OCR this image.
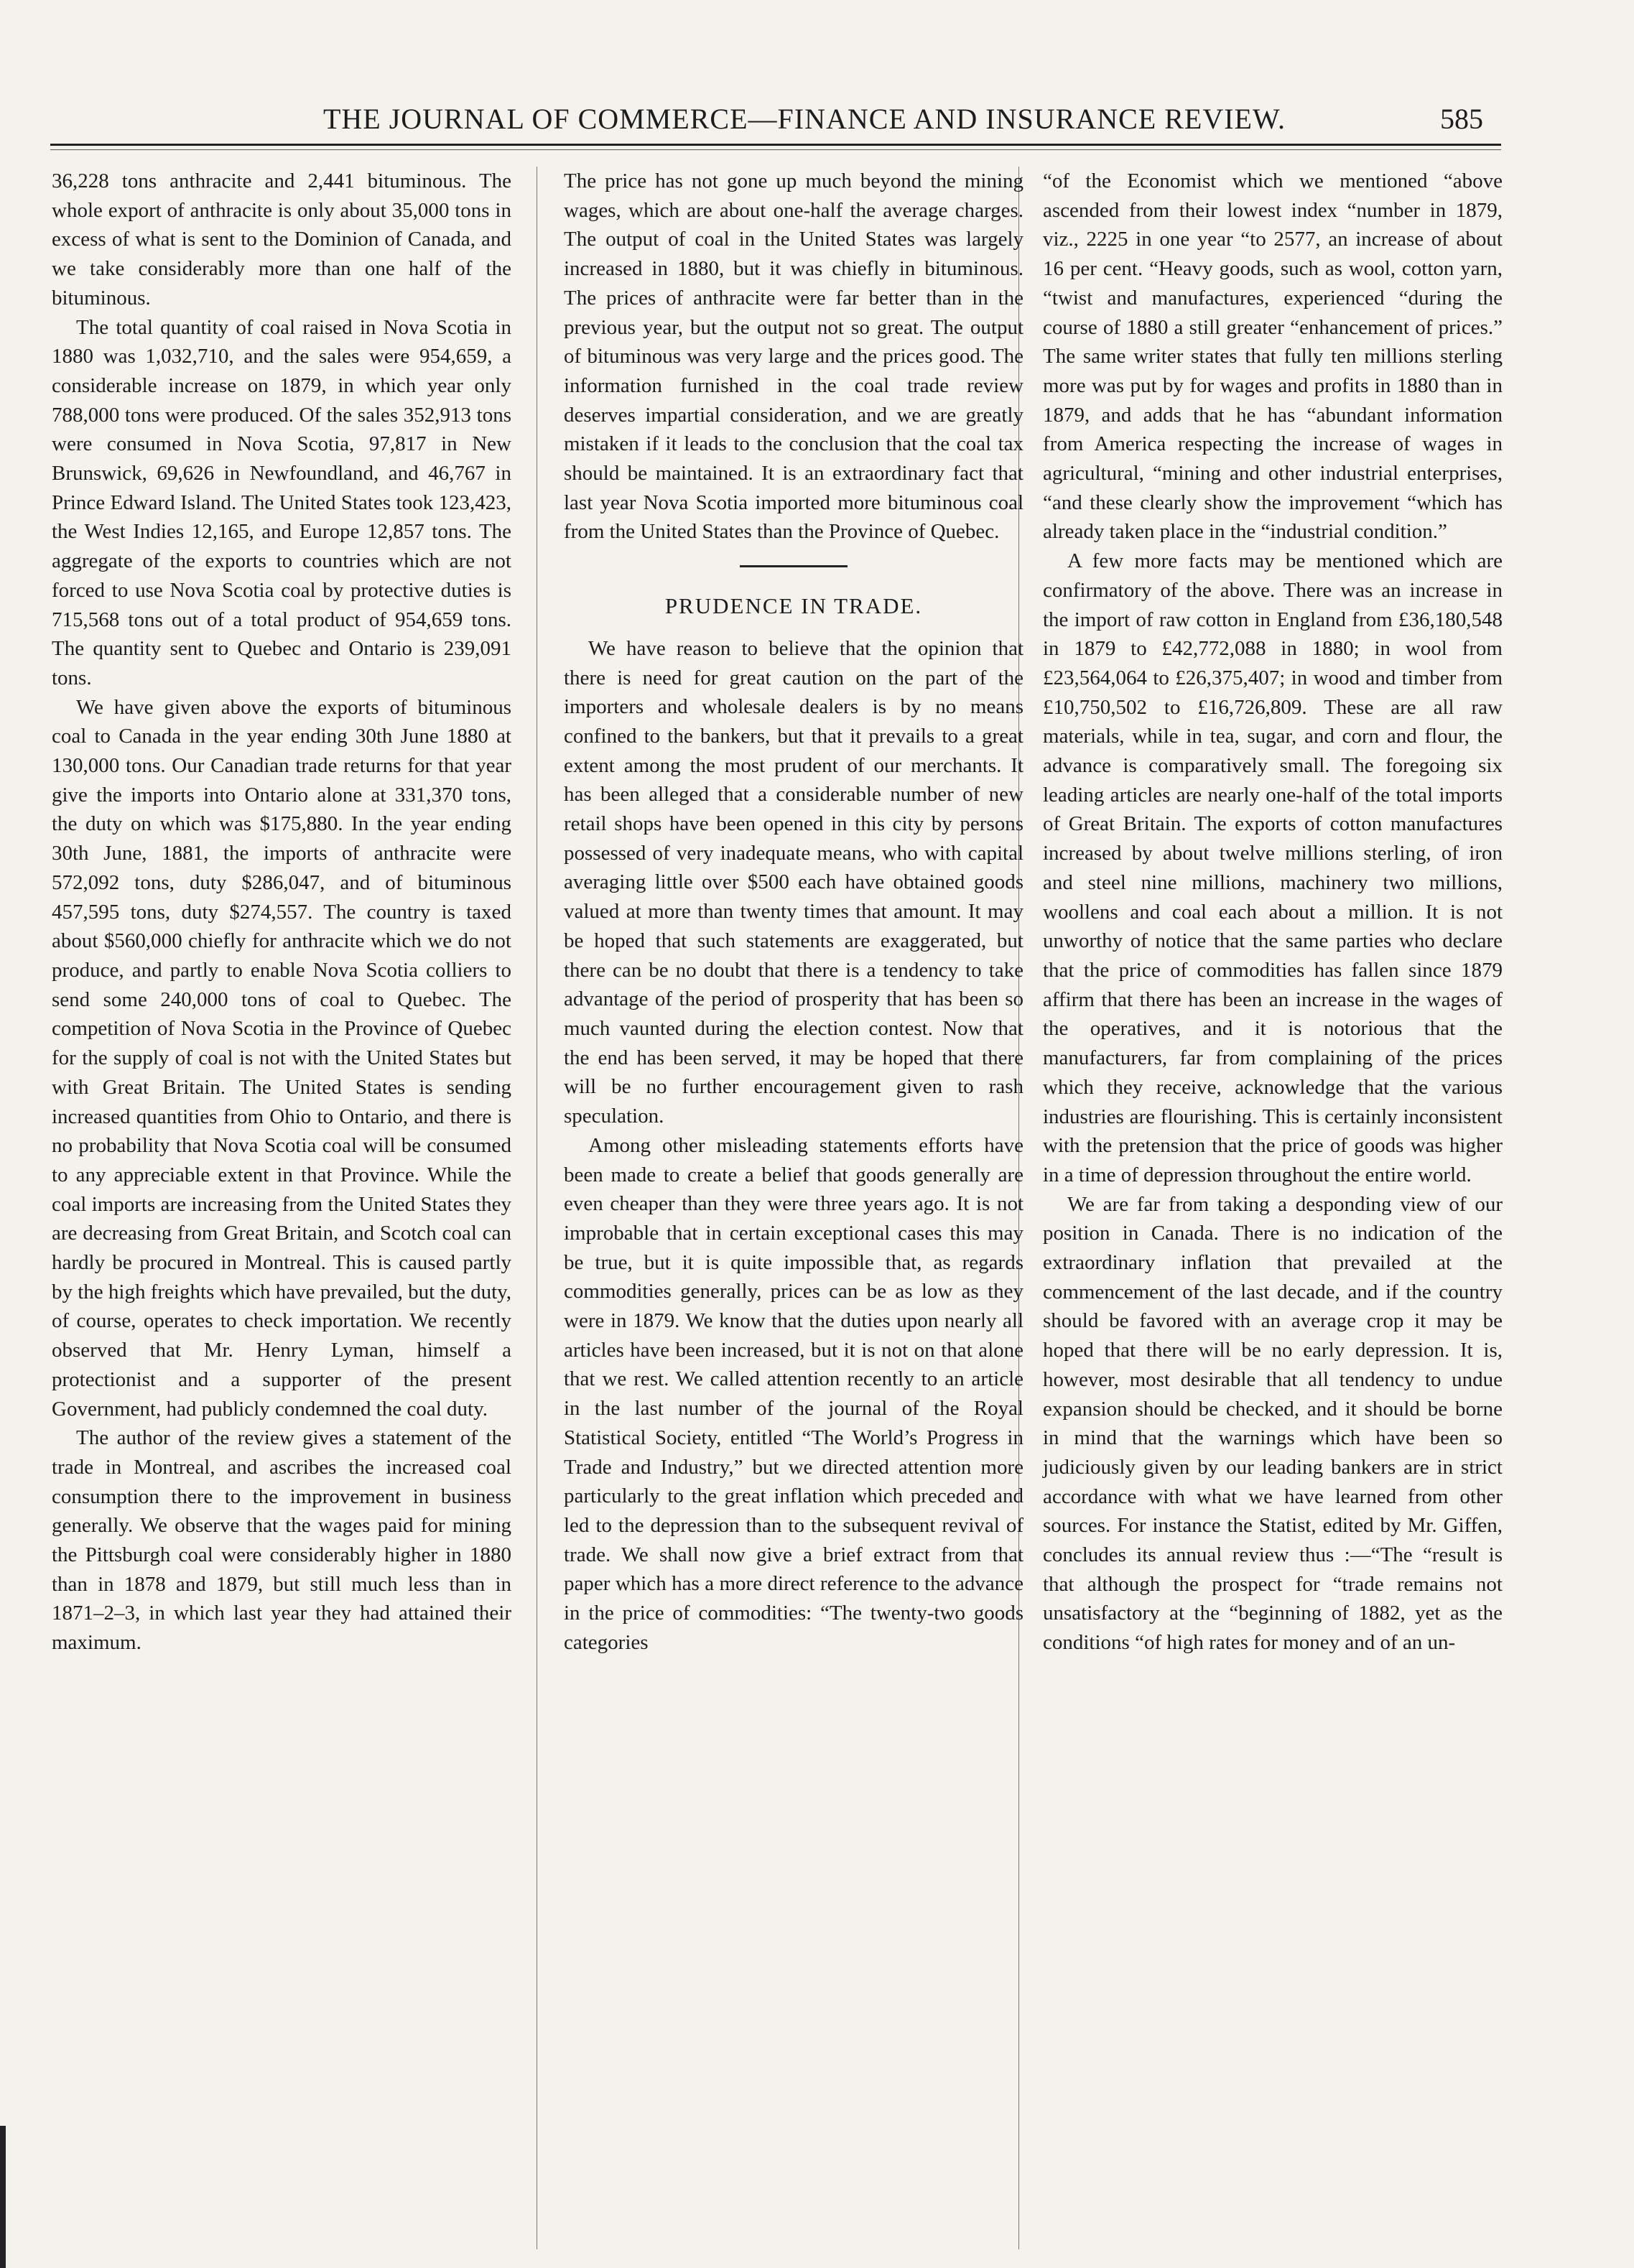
THE JOURNAL OF COMMERCE—FINANCE AND INSURANCE REVIEW.	585

36,228 tons anthracite and 2,441 bituminous. The whole export of anthracite is only about 35,000 tons in excess of what is sent to the Dominion of Canada, and we take considerably more than one half of the bituminous.

The total quantity of coal raised in Nova Scotia in 1880 was 1,032,710, and the sales were 954,659, a considerable increase on 1879, in which year only 788,000 tons were produced. Of the sales 352,913 tons were consumed in Nova Scotia, 97,817 in New Brunswick, 69,626 in Newfoundland, and 46,767 in Prince Edward Island. The United States took 123,423, the West Indies 12,165, and Europe 12,857 tons. The aggregate of the exports to countries which are not forced to use Nova Scotia coal by protective duties is 715,568 tons out of a total product of 954,659 tons. The quantity sent to Quebec and Ontario is 239,091 tons.

We have given above the exports of bituminous coal to Canada in the year ending 30th June 1880 at 130,000 tons. Our Canadian trade returns for that year give the imports into Ontario alone at 331,370 tons, the duty on which was $175,880. In the year ending 30th June, 1881, the imports of anthracite were 572,092 tons, duty $286,047, and of bituminous 457,595 tons, duty $274,557. The country is taxed about $560,000 chiefly for anthracite which we do not produce, and partly to enable Nova Scotia colliers to send some 240,000 tons of coal to Quebec. The competition of Nova Scotia in the Province of Quebec for the supply of coal is not with the United States but with Great Britain. The United States is sending increased quantities from Ohio to Ontario, and there is no probability that Nova Scotia coal will be consumed to any appreciable extent in that Province. While the coal imports are increasing from the United States they are decreasing from Great Britain, and Scotch coal can hardly be procured in Montreal. This is caused partly by the high freights which have prevailed, but the duty, of course, operates to check importation. We recently observed that Mr. Henry Lyman, himself a protectionist and a supporter of the present Government, had publicly condemned the coal duty.

The author of the review gives a statement of the trade in Montreal, and ascribes the increased coal consumption there to the improvement in business generally. We observe that the wages paid for mining the Pittsburgh coal were considerably higher in 1880 than in 1878 and 1879, but still much less than in 1871–2–3, in which last year they had attained their maximum.

The price has not gone up much beyond the mining wages, which are about one-half the average charges. The output of coal in the United States was largely increased in 1880, but it was chiefly in bituminous. The prices of anthracite were far better than in the previous year, but the output not so great. The output of bituminous was very large and the prices good. The information furnished in the coal trade review deserves impartial consideration, and we are greatly mistaken if it leads to the conclusion that the coal tax should be maintained. It is an extraordinary fact that last year Nova Scotia imported more bituminous coal from the United States than the Province of Quebec.

PRUDENCE IN TRADE.

We have reason to believe that the opinion that there is need for great caution on the part of the importers and wholesale dealers is by no means confined to the bankers, but that it prevails to a great extent among the most prudent of our merchants. It has been alleged that a considerable number of new retail shops have been opened in this city by persons possessed of very inadequate means, who with capital averaging little over $500 each have obtained goods valued at more than twenty times that amount. It may be hoped that such statements are exaggerated, but there can be no doubt that there is a tendency to take advantage of the period of prosperity that has been so much vaunted during the election contest. Now that the end has been served, it may be hoped that there will be no further encouragement given to rash speculation.

Among other misleading statements efforts have been made to create a belief that goods generally are even cheaper than they were three years ago. It is not improbable that in certain exceptional cases this may be true, but it is quite impossible that, as regards commodities generally, prices can be as low as they were in 1879. We know that the duties upon nearly all articles have been increased, but it is not on that alone that we rest. We called attention recently to an article in the last number of the journal of the Royal Statistical Society, entitled “The World’s Progress in Trade and Industry,” but we directed attention more particularly to the great inflation which preceded and led to the depression than to the subsequent revival of trade. We shall now give a brief extract from that paper which has a more direct reference to the advance in the price of commodities: “The twenty-two goods categories

“of the Economist which we mentioned “above ascended from their lowest index “number in 1879, viz., 2225 in one year “to 2577, an increase of about 16 per cent. “Heavy goods, such as wool, cotton yarn, “twist and manufactures, experienced “during the course of 1880 a still greater “enhancement of prices.” The same writer states that fully ten millions sterling more was put by for wages and profits in 1880 than in 1879, and adds that he has “abundant information from America respecting the increase of wages in agricultural, “mining and other industrial enterprises, “and these clearly show the improvement “which has already taken place in the “industrial condition.”

A few more facts may be mentioned which are confirmatory of the above. There was an increase in the import of raw cotton in England from £36,180,548 in 1879 to £42,772,088 in 1880; in wool from £23,564,064 to £26,375,407; in wood and timber from £10,750,502 to £16,726,809. These are all raw materials, while in tea, sugar, and corn and flour, the advance is comparatively small. The foregoing six leading articles are nearly one-half of the total imports of Great Britain. The exports of cotton manufactures increased by about twelve millions sterling, of iron and steel nine millions, machinery two millions, woollens and coal each about a million. It is not unworthy of notice that the same parties who declare that the price of commodities has fallen since 1879 affirm that there has been an increase in the wages of the operatives, and it is notorious that the manufacturers, far from complaining of the prices which they receive, acknowledge that the various industries are flourishing. This is certainly inconsistent with the pretension that the price of goods was higher in a time of depression throughout the entire world.

We are far from taking a desponding view of our position in Canada. There is no indication of the extraordinary inflation that prevailed at the commencement of the last decade, and if the country should be favored with an average crop it may be hoped that there will be no early depression. It is, however, most desirable that all tendency to undue expansion should be checked, and it should be borne in mind that the warnings which have been so judiciously given by our leading bankers are in strict accordance with what we have learned from other sources. For instance the Statist, edited by Mr. Giffen, concludes its annual review thus :—“The “result is that although the prospect for “trade remains not unsatisfactory at the “beginning of 1882, yet as the conditions “of high rates for money and of an un-
